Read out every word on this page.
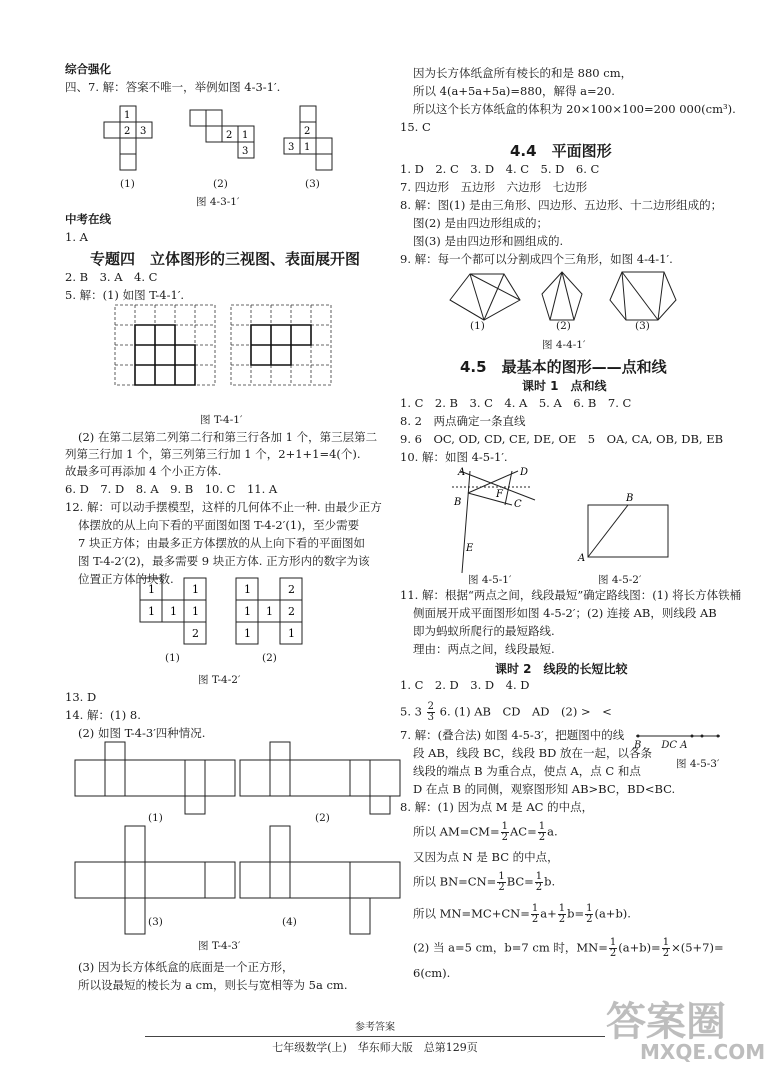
综合强化
四、7. 解：答案不唯一，举例如图 4-3-1′.
1
2 3	2 1
3
2
3 1
(1)	(2)	(3)
图 4-3-1′
中考在线
1. A
专题四　立体图形的三视图、表面展开图
2. B　3. A　4. C
5. 解：(1) 如图 T-4-1′.
图 T-4-1′
(2) 在第二层第二列第二行和第三行各加 1 个，第三层第二
列第三行加 1 个，第三列第三行加 1 个，2+1+1=4(个).
故最多可再添加 4 个小正方体.
6. D　7. D　8. A　9. B　10. C　11. A
12. 解：可以动手摆模型，这样的几何体不止一种. 由最少正方
体摆放的从上向下看的平面图如图 T-4-2′(1)，至少需要
7 块正方体；由最多正方体摆放的从上向下看的平面图如
图 T-4-2′(2)，最多需要 9 块正方体. 正方形内的数字为该
位置正方体的块数.
1	1
1 1 1
2
1	2
1 1 2
1	1
(1)	(2)
图 T-4-2′
13. D
14. 解：(1) 8.
(2) 如图 T-4-3′四种情况.
(1)	(2)
(3)	(4)
图 T-4-3′
(3) 因为长方体纸盒的底面是一个正方形，
所以设最短的棱长为 a cm，则长与宽相等为 5a cm.
因为长方体纸盒所有棱长的和是 880 cm，
所以 4(a+5a+5a)=880，解得 a=20.
所以这个长方体纸盒的体积为 20×100×100=200 000(cm³).
15. C
4.4　平面图形
1. D　2. C　3. D　4. C　5. D　6. C
7. 四边形　五边形　六边形　七边形
8. 解：图(1) 是由三角形、四边形、五边形、十二边形组成的；
图(2) 是由四边形组成的；
图(3) 是由四边形和圆组成的.
9. 解：每一个都可以分割成四个三角形，如图 4-4-1′.
(1)	(2)	(3)
图 4-4-1′
4.5　最基本的图形——点和线
课时 1　点和线
1. C　2. B　3. C　4. A　5. A　6. B　7. C
8. 2　两点确定一条直线
9. 6　OC, OD, CD, CE, DE, OE　5　OA, CA, OB, DB, EB
10. 解：如图 4-5-1′.
A
B	C
D
E
F
A
B
图 4-5-1′	图 4-5-2′
11. 解：根据“两点之间，线段最短”确定路线图：(1) 将长方体铁桶
侧面展开成平面图形如图 4-5-2′；(2) 连接 AB，则线段 AB
即为蚂蚁所爬行的最短路线.
理由：两点之间，线段最短.
课时 2　线段的长短比较
1. C　2. D　3. D　4. D
5. $3 \frac{2}{3} 6$. (1) AB　CD　AD　(2) >　<
7. 解：(叠合法) 如图 4-5-3′，把题图中的线
段 AB，线段 BC，线段 BD 放在一起，以各条
线段的端点 B 为重合点，使点 A，点 C 和点
D 在点 B 的同侧，观察图形知 AB>BC，BD<BC.
B　　DC A
图 4-5-3′
8. 解：(1) 因为点 M 是 AC 的中点，
所以 $AM=CM= \frac{1}{2} AC= \frac{1}{2} a$.
又因为点 N 是 BC 的中点，
所以 $BN=CN= \frac{1}{2} BC= \frac{1}{2} b$.
所以 $MN=MC+CN= \frac{1}{2} a+ \frac{1}{2} b= \frac{1}{2} (a+b)$.
(2) 当 a=5 cm，b=7 cm 时，$MN= \frac{1}{2} (a+b)= \frac{1}{2} \times(5+7)=$
6(cm).
参考答案
七年级数学(上)　华东师大版　总第129页
答案圈
MXQE.COM
